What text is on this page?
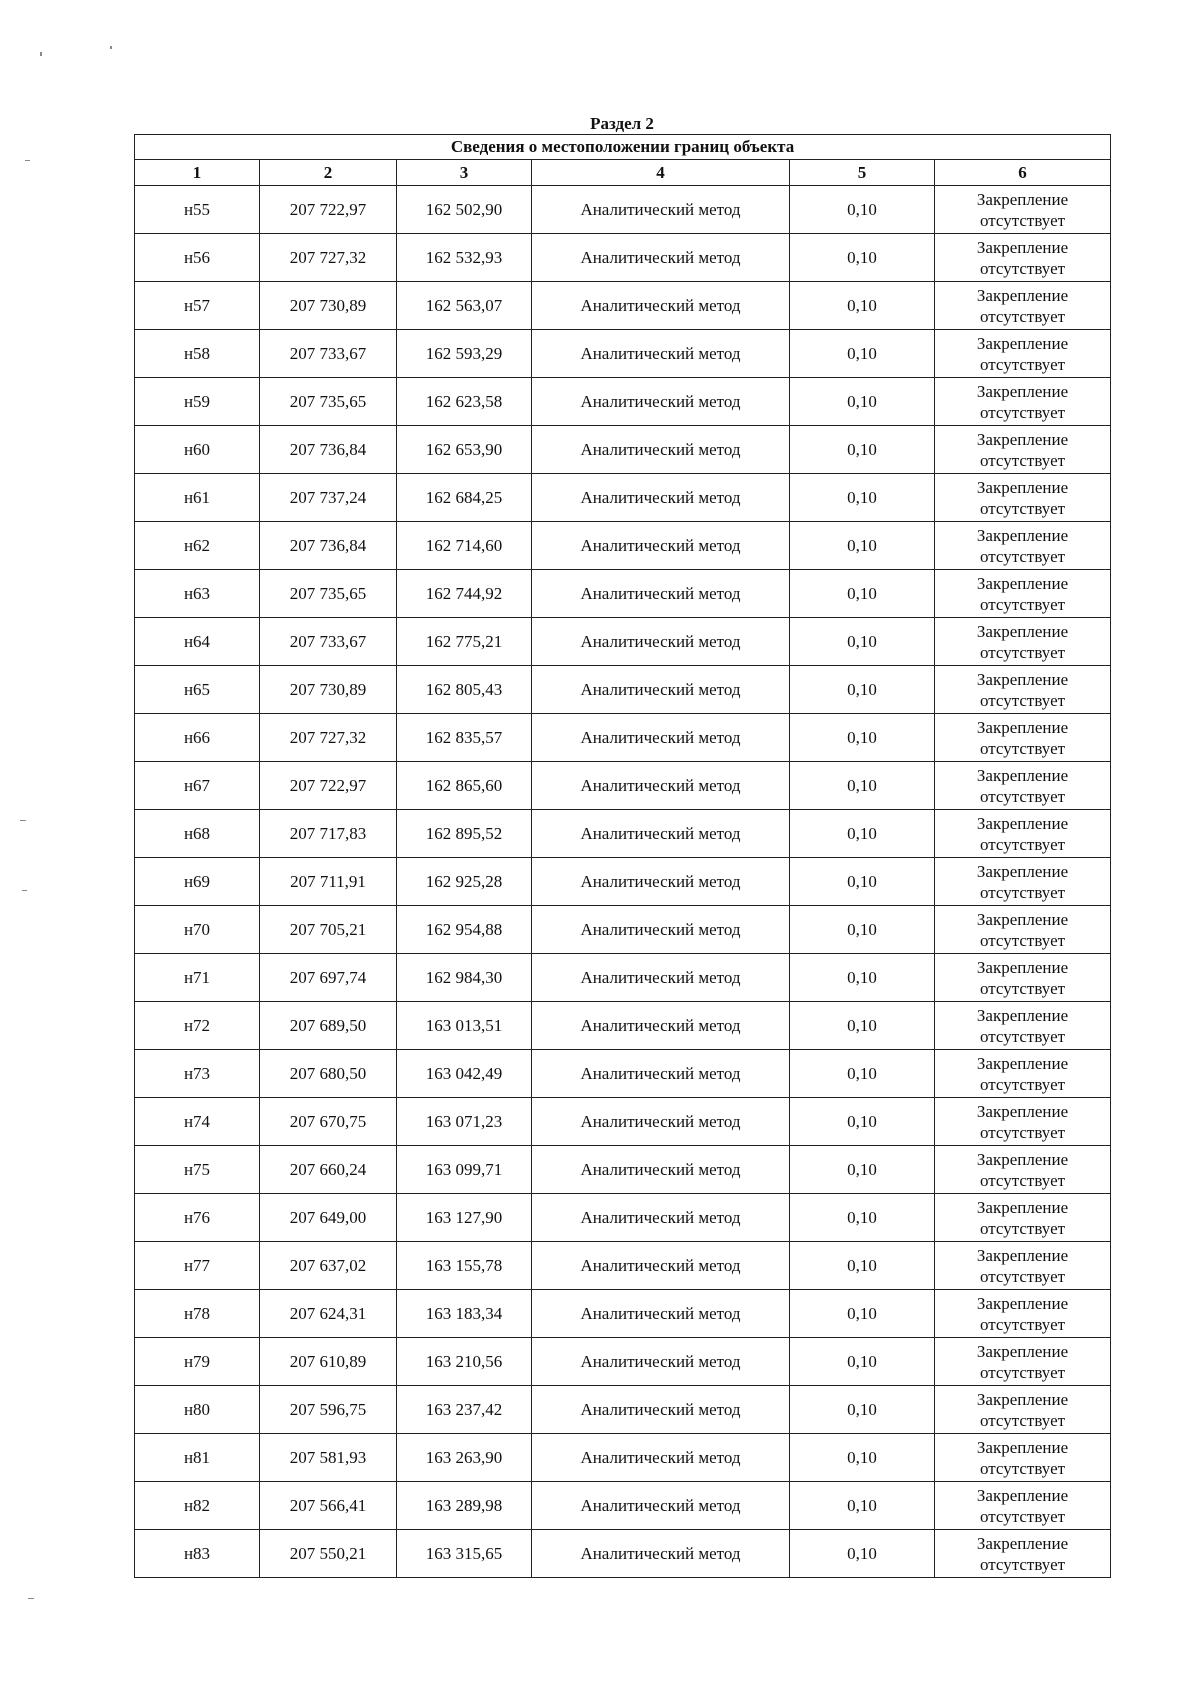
Раздел 2
Сведения о местоположении границ объекта					
1	2	3	4	5	6
н55	207 722,97	162 502,90	Аналитический метод	0,10	Закрепление отсутствует
н56	207 727,32	162 532,93	Аналитический метод	0,10	Закрепление отсутствует
н57	207 730,89	162 563,07	Аналитический метод	0,10	Закрепление отсутствует
н58	207 733,67	162 593,29	Аналитический метод	0,10	Закрепление отсутствует
н59	207 735,65	162 623,58	Аналитический метод	0,10	Закрепление отсутствует
н60	207 736,84	162 653,90	Аналитический метод	0,10	Закрепление отсутствует
н61	207 737,24	162 684,25	Аналитический метод	0,10	Закрепление отсутствует
н62	207 736,84	162 714,60	Аналитический метод	0,10	Закрепление отсутствует
н63	207 735,65	162 744,92	Аналитический метод	0,10	Закрепление отсутствует
н64	207 733,67	162 775,21	Аналитический метод	0,10	Закрепление отсутствует
н65	207 730,89	162 805,43	Аналитический метод	0,10	Закрепление отсутствует
н66	207 727,32	162 835,57	Аналитический метод	0,10	Закрепление отсутствует
н67	207 722,97	162 865,60	Аналитический метод	0,10	Закрепление отсутствует
н68	207 717,83	162 895,52	Аналитический метод	0,10	Закрепление отсутствует
н69	207 711,91	162 925,28	Аналитический метод	0,10	Закрепление отсутствует
н70	207 705,21	162 954,88	Аналитический метод	0,10	Закрепление отсутствует
н71	207 697,74	162 984,30	Аналитический метод	0,10	Закрепление отсутствует
н72	207 689,50	163 013,51	Аналитический метод	0,10	Закрепление отсутствует
н73	207 680,50	163 042,49	Аналитический метод	0,10	Закрепление отсутствует
н74	207 670,75	163 071,23	Аналитический метод	0,10	Закрепление отсутствует
н75	207 660,24	163 099,71	Аналитический метод	0,10	Закрепление отсутствует
н76	207 649,00	163 127,90	Аналитический метод	0,10	Закрепление отсутствует
н77	207 637,02	163 155,78	Аналитический метод	0,10	Закрепление отсутствует
н78	207 624,31	163 183,34	Аналитический метод	0,10	Закрепление отсутствует
н79	207 610,89	163 210,56	Аналитический метод	0,10	Закрепление отсутствует
н80	207 596,75	163 237,42	Аналитический метод	0,10	Закрепление отсутствует
н81	207 581,93	163 263,90	Аналитический метод	0,10	Закрепление отсутствует
н82	207 566,41	163 289,98	Аналитический метод	0,10	Закрепление отсутствует
н83	207 550,21	163 315,65	Аналитический метод	0,10	Закрепление отсутствует
